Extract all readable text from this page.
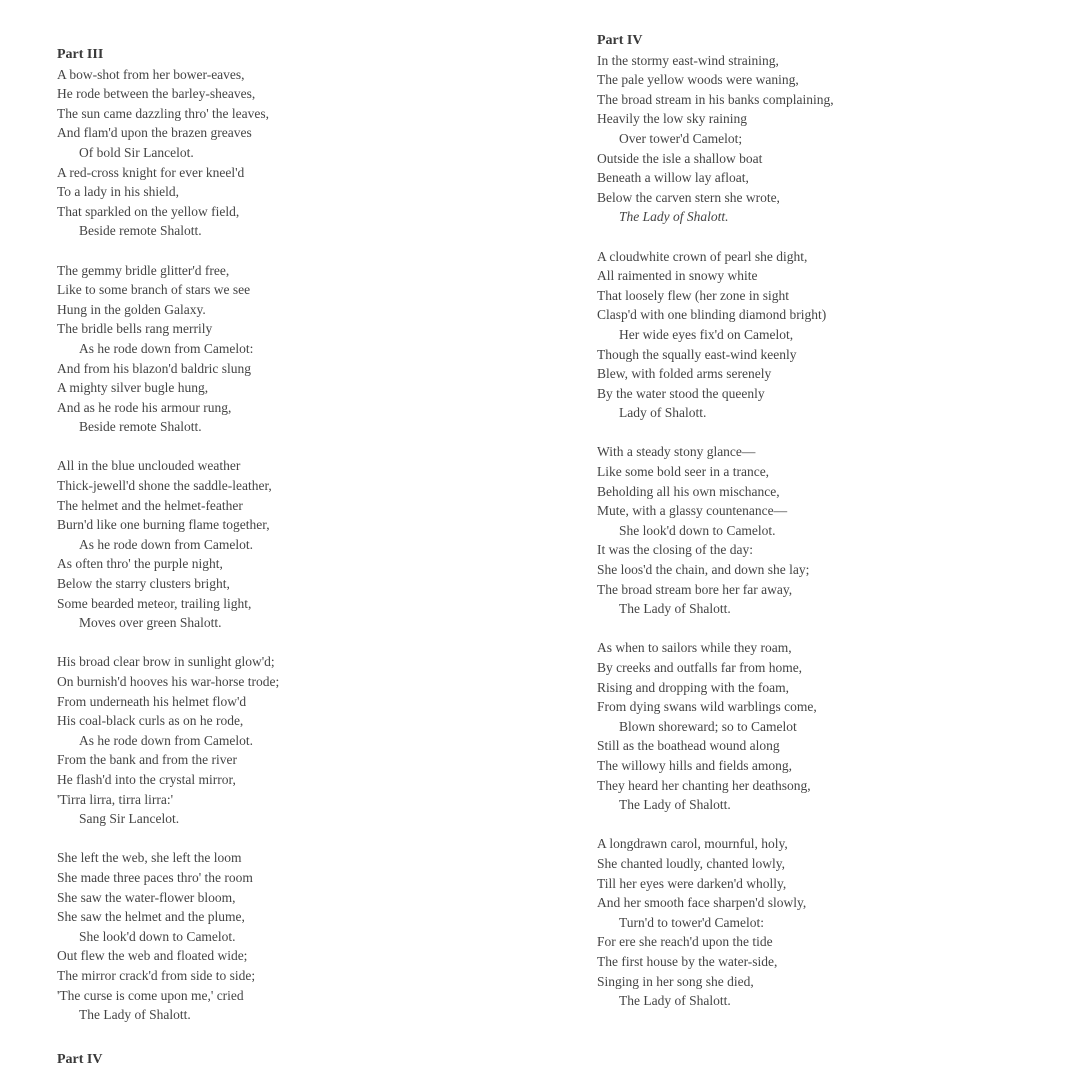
Part III
A bow-shot from her bower-eaves,
He rode between the barley-sheaves,
The sun came dazzling thro' the leaves,
And flam'd upon the brazen greaves
Of bold Sir Lancelot.
A red-cross knight for ever kneel'd
To a lady in his shield,
That sparkled on the yellow field,
Beside remote Shalott.
The gemmy bridle glitter'd free,
Like to some branch of stars we see
Hung in the golden Galaxy.
The bridle bells rang merrily
As he rode down from Camelot:
And from his blazon'd baldric slung
A mighty silver bugle hung,
And as he rode his armour rung,
Beside remote Shalott.
All in the blue unclouded weather
Thick-jewell'd shone the saddle-leather,
The helmet and the helmet-feather
Burn'd like one burning flame together,
As he rode down from Camelot.
As often thro' the purple night,
Below the starry clusters bright,
Some bearded meteor, trailing light,
Moves over green Shalott.
His broad clear brow in sunlight glow'd;
On burnish'd hooves his war-horse trode;
From underneath his helmet flow'd
His coal-black curls as on he rode,
As he rode down from Camelot.
From the bank and from the river
He flash'd into the crystal mirror,
'Tirra lirra, tirra lirra:'
Sang Sir Lancelot.
She left the web, she left the loom
She made three paces thro' the room
She saw the water-flower bloom,
She saw the helmet and the plume,
She look'd down to Camelot.
Out flew the web and floated wide;
The mirror crack'd from side to side;
'The curse is come upon me,' cried
The Lady of Shalott.
Part IV
In the stormy east-wind straining,
The pale yellow woods were waning,
The broad stream in his banks complaining,
Heavily the low sky raining
Over tower'd Camelot;
Outside the isle a shallow boat
Beneath a willow lay afloat,
Below the carven stern she wrote,
The Lady of Shalott.
A cloudwhite crown of pearl she dight,
All raimented in snowy white
That loosely flew (her zone in sight
Clasp'd with one blinding diamond bright)
Her wide eyes fix'd on Camelot,
Though the squally east-wind keenly
Blew, with folded arms serenely
By the water stood the queenly
Lady of Shalott.
With a steady stony glance—
Like some bold seer in a trance,
Beholding all his own mischance,
Mute, with a glassy countenance—
She look'd down to Camelot.
It was the closing of the day:
She loos'd the chain, and down she lay;
The broad stream bore her far away,
The Lady of Shalott.
As when to sailors while they roam,
By creeks and outfalls far from home,
Rising and dropping with the foam,
From dying swans wild warblings come,
Blown shoreward; so to Camelot
Still as the boathead wound along
The willowy hills and fields among,
They heard her chanting her deathsong,
The Lady of Shalott.
A longdrawn carol, mournful, holy,
She chanted loudly, chanted lowly,
Till her eyes were darken'd wholly,
And her smooth face sharpen'd slowly,
Turn'd to tower'd Camelot:
For ere she reach'd upon the tide
The first house by the water-side,
Singing in her song she died,
The Lady of Shalott.
Part IV
